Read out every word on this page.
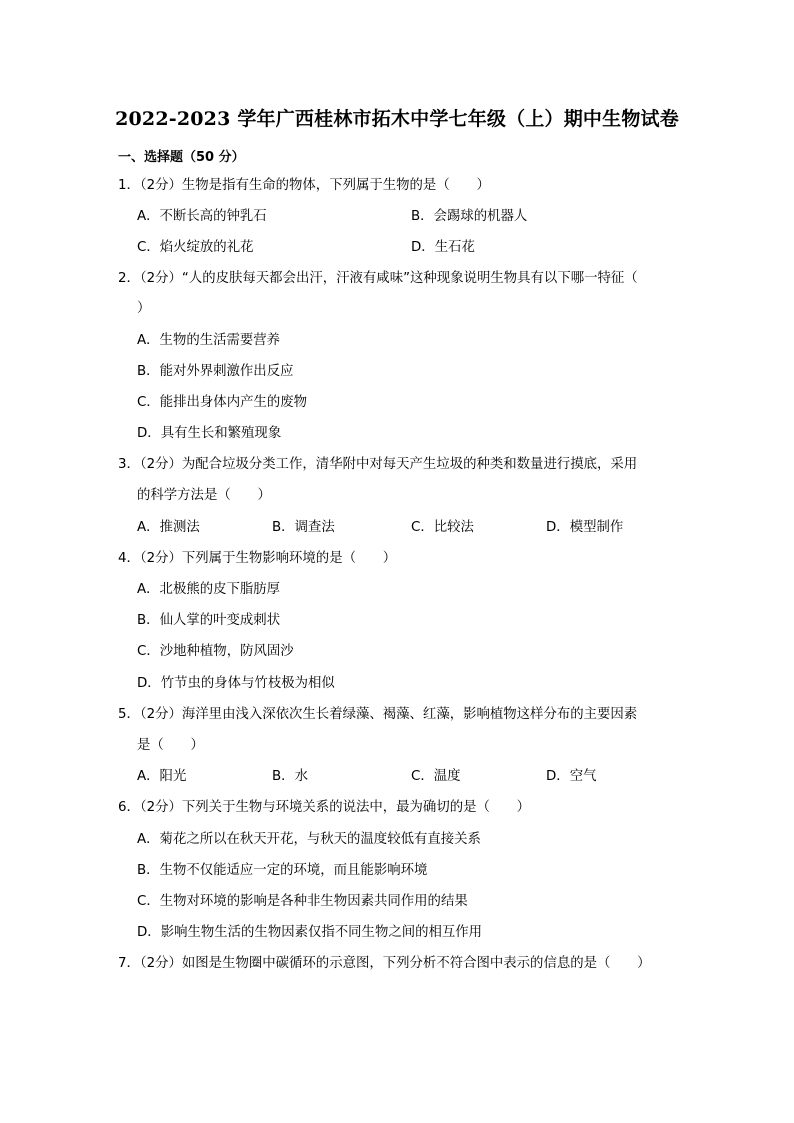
2022-2023 学年广西桂林市拓木中学七年级（上）期中生物试卷
一、选择题（50 分）
1．（2分）生物是指有生命的物体，下列属于生物的是（　　）
A．不断长高的钟乳石	B．会踢球的机器人
C．焰火绽放的礼花	D．生石花
2．（2分）“人的皮肤每天都会出汗，汗液有咸味”这种现象说明生物具有以下哪一特征（
）
A．生物的生活需要营养
B．能对外界刺激作出反应
C．能排出身体内产生的废物
D．具有生长和繁殖现象
3．（2分）为配合垃圾分类工作，清华附中对每天产生垃圾的种类和数量进行摸底，采用
的科学方法是（　　）
A．推测法	B．调查法	C．比较法	D．模型制作
4．（2分）下列属于生物影响环境的是（　　）
A．北极熊的皮下脂肪厚
B．仙人掌的叶变成刺状
C．沙地种植物，防风固沙
D．竹节虫的身体与竹枝极为相似
5．（2分）海洋里由浅入深依次生长着绿藻、褐藻、红藻，影响植物这样分布的主要因素
是（　　）
A．阳光	B．水	C．温度	D．空气
6．（2分）下列关于生物与环境关系的说法中，最为确切的是（　　）
A．菊花之所以在秋天开花，与秋天的温度较低有直接关系
B．生物不仅能适应一定的环境，而且能影响环境
C．生物对环境的影响是各种非生物因素共同作用的结果
D．影响生物生活的生物因素仅指不同生物之间的相互作用
7．（2分）如图是生物圈中碳循环的示意图，下列分析不符合图中表示的信息的是（　　）
